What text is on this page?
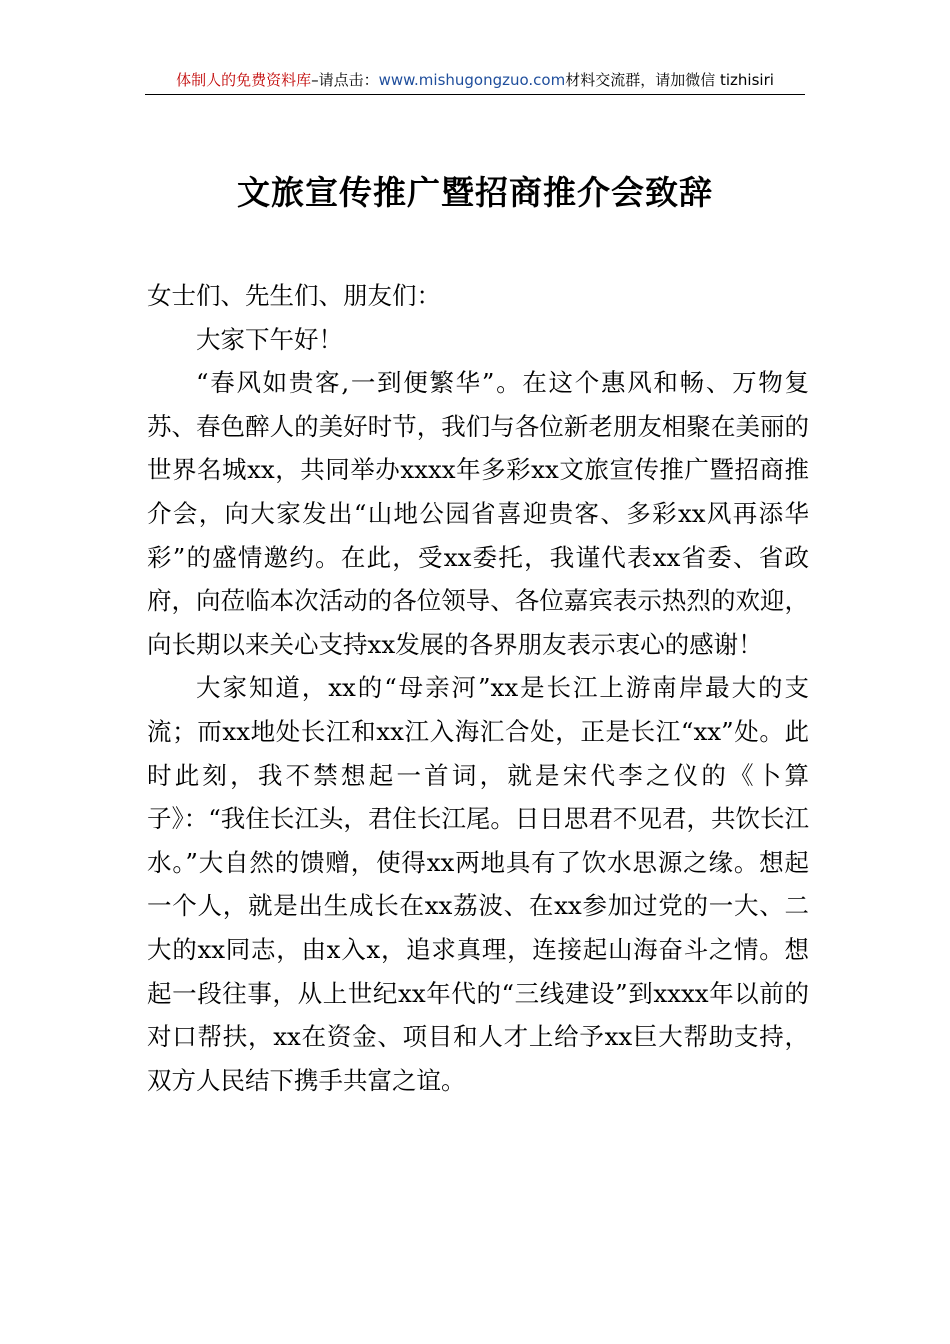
体制人的免费资料库–请点击：www.mishugongzuo.com材料交流群，请加微信 tizhisiri
文旅宣传推广暨招商推介会致辞

女士们、先生们、朋友们：

大家下午好！

“春风如贵客,一到便繁华”。在这个惠风和畅、万物复苏、春色醉人的美好时节，我们与各位新老朋友相聚在美丽的世界名城xx，共同举办xxxx年多彩xx文旅宣传推广暨招商推介会，向大家发出“山地公园省喜迎贵客、多彩xx风再添华彩”的盛情邀约。在此，受xx委托，我谨代表xx省委、省政府，向莅临本次活动的各位领导、各位嘉宾表示热烈的欢迎，向长期以来关心支持xx发展的各界朋友表示衷心的感谢！

大家知道，xx的“母亲河”xx是长江上游南岸最大的支流；而xx地处长江和xx江入海汇合处，正是长江“xx”处。此时此刻，我不禁想起一首词，就是宋代李之仪的《卜算子》：“我住长江头，君住长江尾。日日思君不见君，共饮长江水。”大自然的馈赠，使得xx两地具有了饮水思源之缘。想起一个人，就是出生成长在xx荔波、在xx参加过党的一大、二大的xx同志，由x入x，追求真理，连接起山海奋斗之情。想起一段往事，从上世纪xx年代的“三线建设”到xxxx年以前的对口帮扶，xx在资金、项目和人才上给予xx巨大帮助支持，双方人民结下携手共富之谊。
